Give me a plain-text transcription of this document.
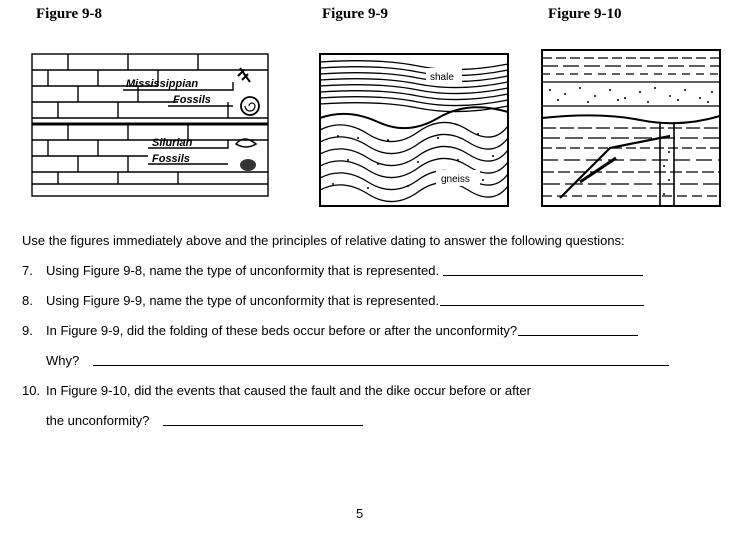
Figure 9-8	Figure 9-9	Figure 9-10
Mississippian
Fossils
Silurian
Fossils
shale
gneiss
Use the figures immediately above and the principles of relative dating to answer the following questions:
7.	Using Figure 9-8, name the type of unconformity that is represented.
8.	Using Figure 9-9, name the type of unconformity that is represented.
9.	In Figure 9-9, did the folding of these beds occur before or after the unconformity?
Why?
10. In Figure 9-10, did the events that caused the fault and the dike occur before or after
the unconformity?
5
